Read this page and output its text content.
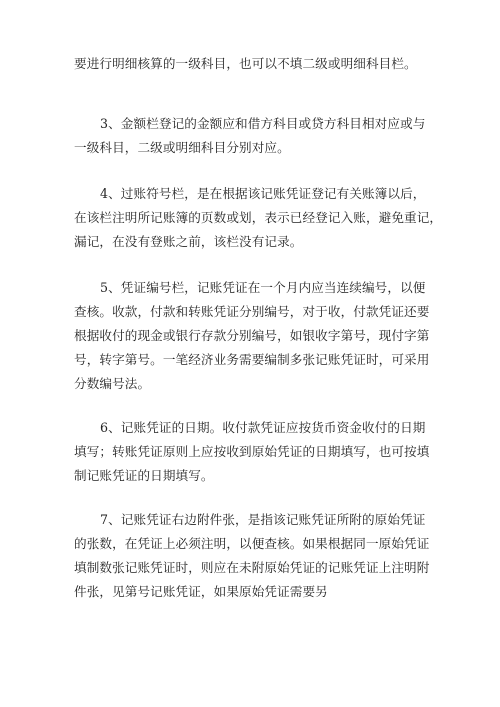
要进行明细核算的一级科目，也可以不填二级或明细科目栏。
3、金额栏登记的金额应和借方科目或贷方科目相对应或与
一级科目，二级或明细科目分别对应。
4、过账符号栏，是在根据该记账凭证登记有关账簿以后，
在该栏注明所记账簿的页数或划，表示已经登记入账，避免重记，
漏记，在没有登账之前，该栏没有记录。
5、凭证编号栏，记账凭证在一个月内应当连续编号，以便
查核。收款，付款和转账凭证分别编号，对于收，付款凭证还要
根据收付的现金或银行存款分别编号，如银收字第号，现付字第
号，转字第号。一笔经济业务需要编制多张记账凭证时，可采用
分数编号法。
6、记账凭证的日期。收付款凭证应按货币资金收付的日期
填写；转账凭证原则上应按收到原始凭证的日期填写，也可按填
制记账凭证的日期填写。
7、记账凭证右边附件张，是指该记账凭证所附的原始凭证
的张数，在凭证上必须注明，以便查核。如果根据同一原始凭证
填制数张记账凭证时，则应在未附原始凭证的记账凭证上注明附
件张，见第号记账凭证，如果原始凭证需要另
